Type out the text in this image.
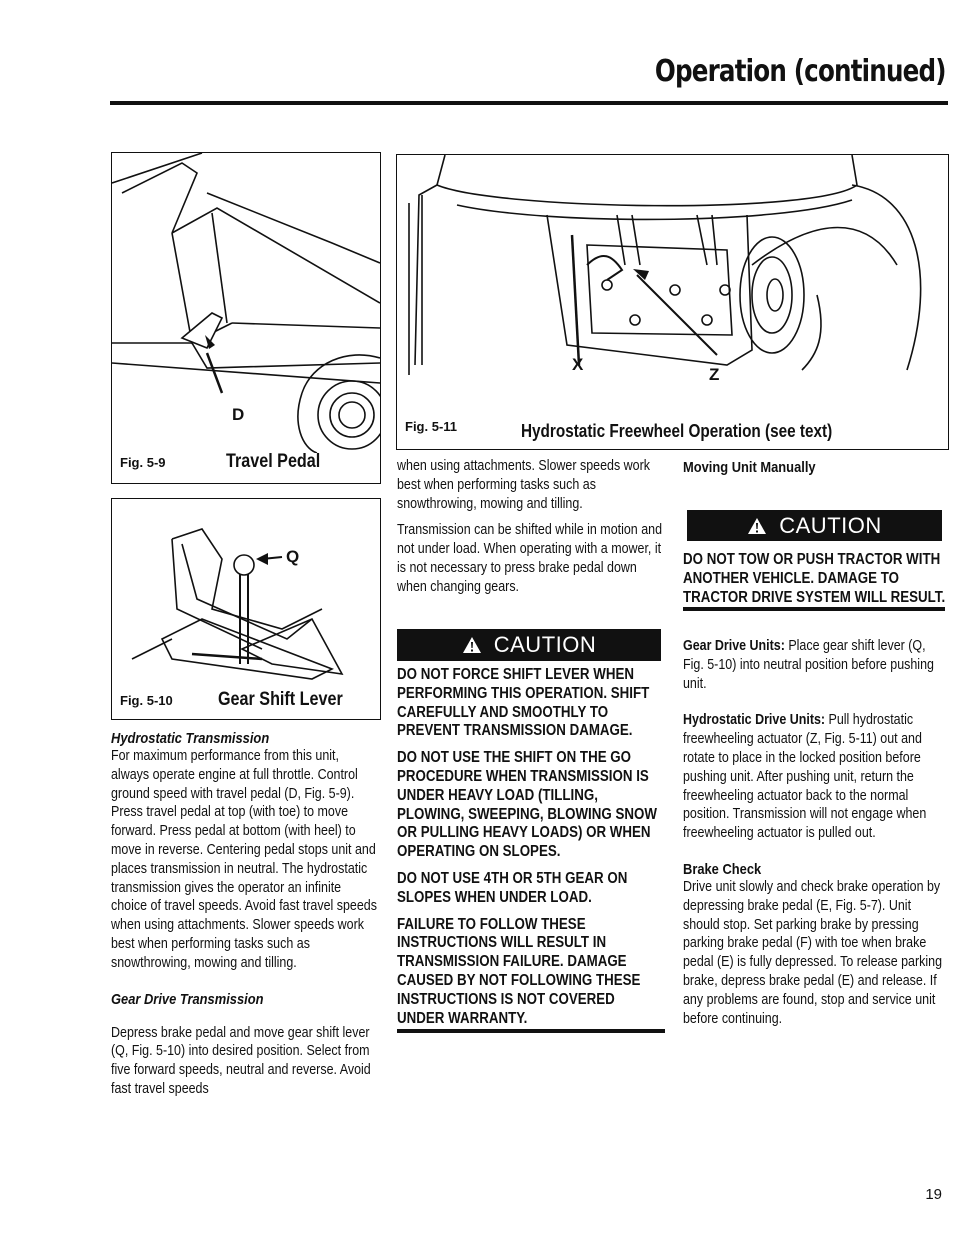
Operation (continued)
D
Fig. 5-9	Travel Pedal
Q
Fig. 5-10 Gear Shift Lever
X
Z
Fig. 5-11	Hydrostatic Freewheel Operation (see text)
Hydrostatic Transmission

For maximum performance from this unit, always operate engine at full throttle. Control ground speed with travel pedal (D, Fig. 5-9). Press travel pedal at top (with toe) to move forward. Press pedal at bottom (with heel) to move in reverse. Centering pedal stops unit and places transmission in neutral. The hydrostatic transmission gives the operator an infinite choice of travel speeds. Avoid fast travel speeds when using attachments. Slower speeds work best when performing tasks such as snowthrowing, mowing and tilling.

Gear Drive Transmission

Depress brake pedal and move gear shift lever (Q, Fig. 5-10) into desired position. Select from five forward speeds, neutral and reverse. Avoid fast travel speeds

when using attachments. Slower speeds work best when performing tasks such as snowthrowing, mowing and tilling.

Transmission can be shifted while in motion and not under load. When operating with a mower, it is not necessary to press brake pedal down when changing gears.

CAUTION

DO NOT FORCE SHIFT LEVER WHEN PERFORMING THIS OPERATION. SHIFT CAREFULLY AND SMOOTHLY TO PREVENT TRANSMISSION DAMAGE.

DO NOT USE THE SHIFT ON THE GO PROCEDURE WHEN TRANSMISSION IS UNDER HEAVY LOAD (TILLING, PLOWING, SWEEPING, BLOWING SNOW OR PULLING HEAVY LOADS) OR WHEN OPERATING ON SLOPES.

DO NOT USE 4TH OR 5TH GEAR ON SLOPES WHEN UNDER LOAD.

FAILURE TO FOLLOW THESE INSTRUCTIONS WILL RESULT IN TRANSMISSION FAILURE. DAMAGE CAUSED BY NOT FOLLOWING THESE INSTRUCTIONS IS NOT COVERED UNDER WARRANTY.

Moving Unit Manually
CAUTION

DO NOT TOW OR PUSH TRACTOR WITH ANOTHER VEHICLE. DAMAGE TO TRACTOR DRIVE SYSTEM WILL RESULT.

Gear Drive Units: Place gear shift lever (Q, Fig. 5-10) into neutral position before pushing unit.

Hydrostatic Drive Units: Pull hydrostatic freewheeling actuator (Z, Fig. 5-11) out and rotate to place in the locked position before pushing unit. After pushing unit, return the freewheeling actuator back to the normal position. Transmission will not engage when freewheeling actuator is pulled out.

Brake Check

Drive unit slowly and check brake operation by depressing brake pedal (E, Fig. 5-7). Unit should stop. Set parking brake by pressing parking brake pedal (F) with toe when brake pedal (E) is fully depressed. To release parking brake, depress brake pedal (E) and release. If any problems are found, stop and service unit before continuing.

19
